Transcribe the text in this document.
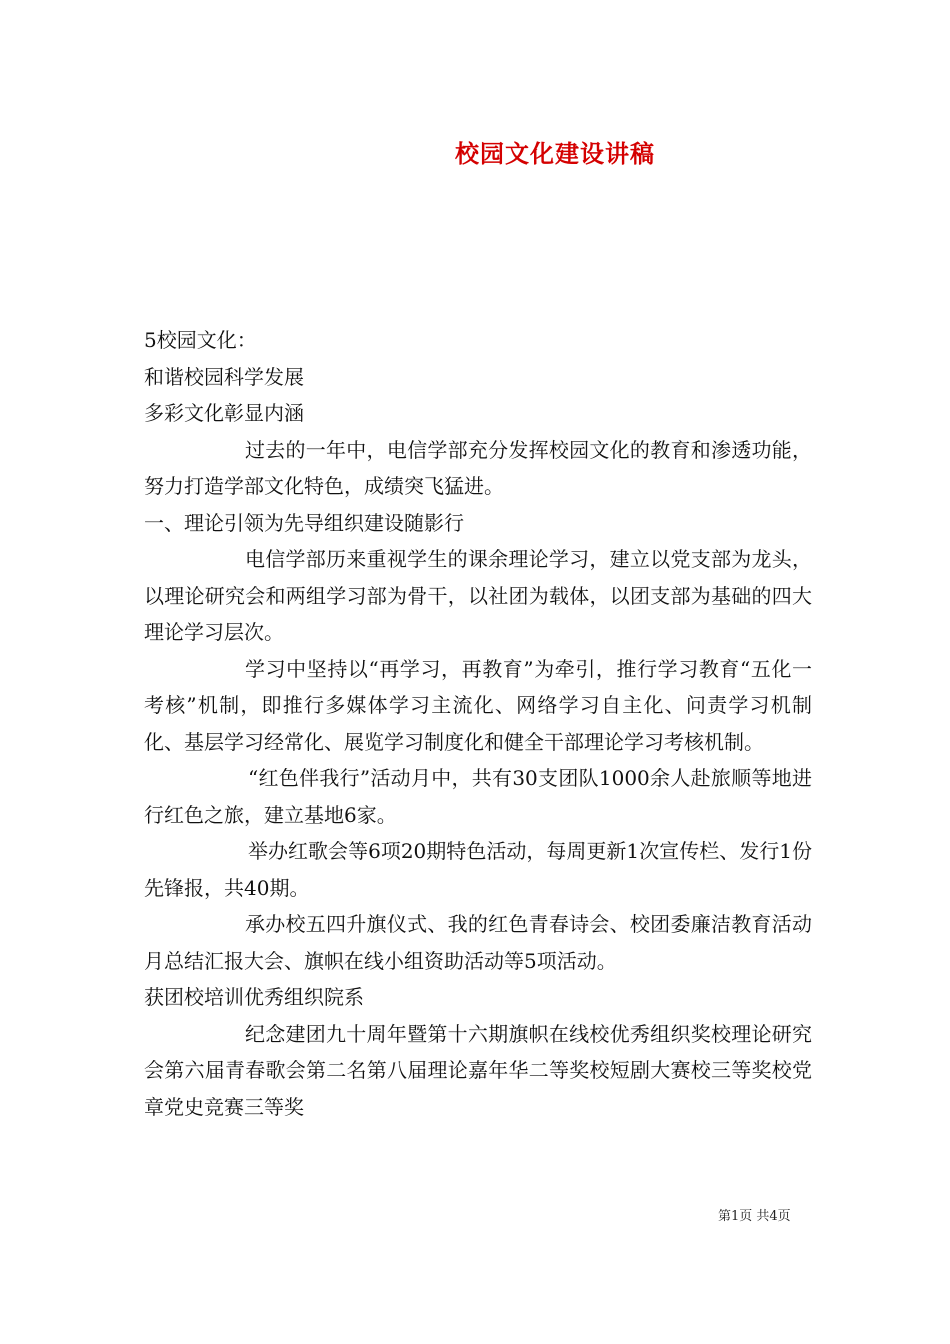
校园文化建设讲稿

5校园文化：

和谐校园科学发展

多彩文化彰显内涵

过去的一年中，电信学部充分发挥校园文化的教育和渗透功能，努力打造学部文化特色，成绩突飞猛进。

一、理论引领为先导组织建设随影行

电信学部历来重视学生的课余理论学习，建立以党支部为龙头，以理论研究会和两组学习部为骨干，以社团为载体，以团支部为基础的四大理论学习层次。

学习中坚持以“再学习，再教育”为牵引，推行学习教育“五化一考核”机制，即推行多媒体学习主流化、网络学习自主化、问责学习机制化、基层学习经常化、展览学习制度化和健全干部理论学习考核机制。

“红色伴我行”活动月中，共有30支团队1000余人赴旅顺等地进行红色之旅，建立基地6家。

举办红歌会等6项20期特色活动，每周更新1次宣传栏、发行1份先锋报，共40期。

承办校五四升旗仪式、我的红色青春诗会、校团委廉洁教育活动月总结汇报大会、旗帜在线小组资助活动等5项活动。

获团校培训优秀组织院系

纪念建团九十周年暨第十六期旗帜在线校优秀组织奖校理论研究会第六届青春歌会第二名第八届理论嘉年华二等奖校短剧大赛校三等奖校党章党史竞赛三等奖

第1页 共4页
